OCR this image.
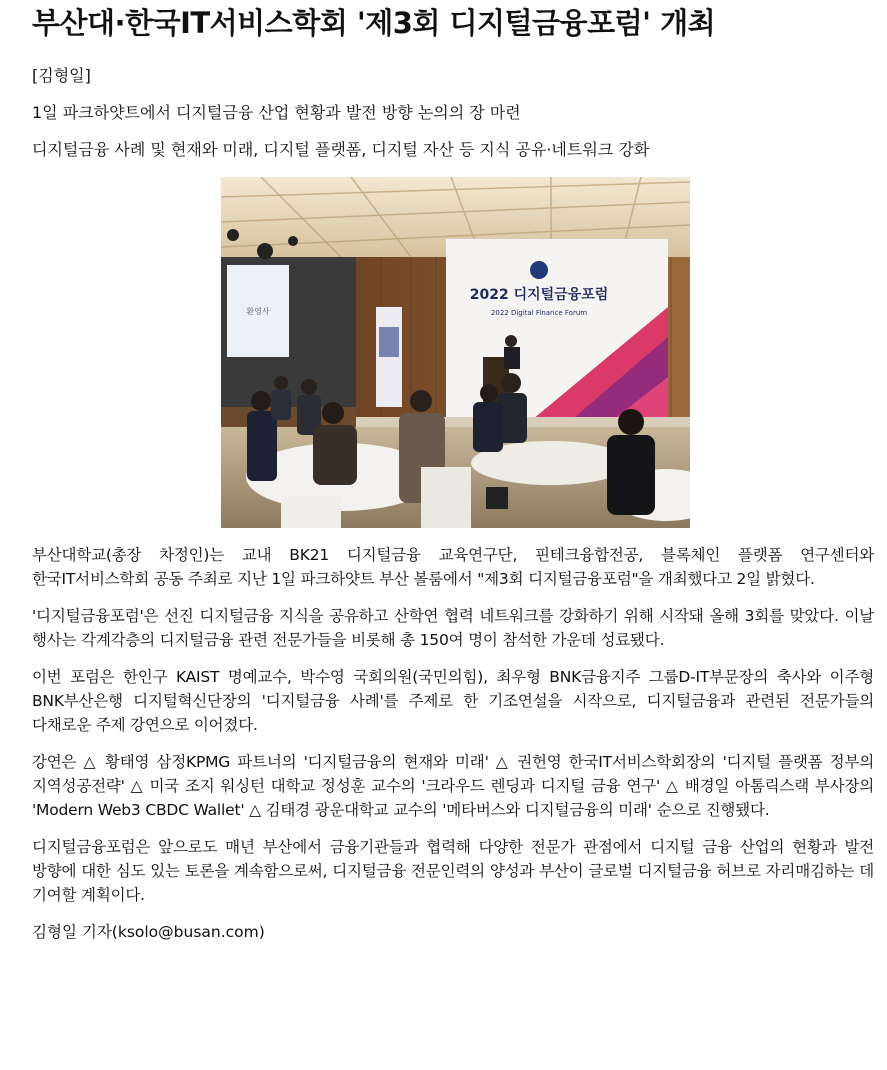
부산대·한국IT서비스학회 '제3회 디지털금융포럼' 개최
[김형일]
1일 파크하얏트에서 디지털금융 산업 현황과 발전 방향 논의의 장 마련
디지털금융 사례 및 현재와 미래, 디지털 플랫폼, 디지털 자산 등 지식 공유·네트워크 강화
환영사
2022 디지털금융포럼
2022 Digital Finance Forum

부산대학교(총장 차정인)는 교내 BK21 디지털금융 교육연구단, 핀테크융합전공, 블록체인 플랫폼 연구센터와 한국IT서비스학회 공동 주최로 지난 1일 파크하얏트 부산 볼룸에서 "제3회 디지털금융포럼"을 개최했다고 2일 밝혔다.

'디지털금융포럼'은 선진 디지털금융 지식을 공유하고 산학연 협력 네트워크를 강화하기 위해 시작돼 올해 3회를 맞았다. 이날 행사는 각계각층의 디지털금융 관련 전문가들을 비롯해 총 150여 명이 참석한 가운데 성료됐다.

이번 포럼은 한인구 KAIST 명예교수, 박수영 국회의원(국민의힘), 최우형 BNK금융지주 그룹D-IT부문장의 축사와 이주형 BNK부산은행 디지털혁신단장의 '디지털금융 사례'를 주제로 한 기조연설을 시작으로, 디지털금융과 관련된 전문가들의 다채로운 주제 강연으로 이어졌다.

강연은 △ 황태영 삼정KPMG 파트너의 '디지털금융의 현재와 미래' △ 권헌영 한국IT서비스학회장의 '디지털 플랫폼 정부의 지역성공전략' △ 미국 조지 워싱턴 대학교 정성훈 교수의 '크라우드 렌딩과 디지털 금융 연구' △ 배경일 아톰릭스랙 부사장의 'Modern Web3 CBDC Wallet' △ 김태경 광운대학교 교수의 '메타버스와 디지털금융의 미래' 순으로 진행됐다.

디지털금융포럼은 앞으로도 매년 부산에서 금융기관들과 협력해 다양한 전문가 관점에서 디지털 금융 산업의 현황과 발전 방향에 대한 심도 있는 토론을 계속함으로써, 디지털금융 전문인력의 양성과 부산이 글로벌 디지털금융 허브로 자리매김하는 데 기여할 계획이다.

김형일 기자(ksolo@busan.com)
